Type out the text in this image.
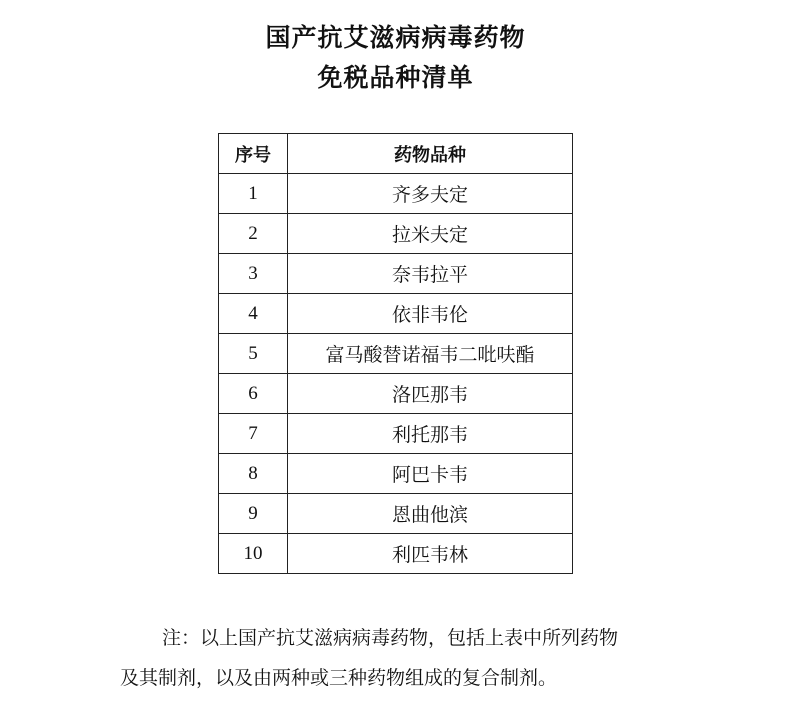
国产抗艾滋病病毒药物
免税品种清单
序号	药物品种
1	齐多夫定
2	拉米夫定
3	奈韦拉平
4	依非韦伦
5	富马酸替诺福韦二吡呋酯
6	洛匹那韦
7	利托那韦
8	阿巴卡韦
9	恩曲他滨
10	利匹韦林
注：以上国产抗艾滋病病毒药物，包括上表中所列药物
及其制剂，以及由两种或三种药物组成的复合制剂。
